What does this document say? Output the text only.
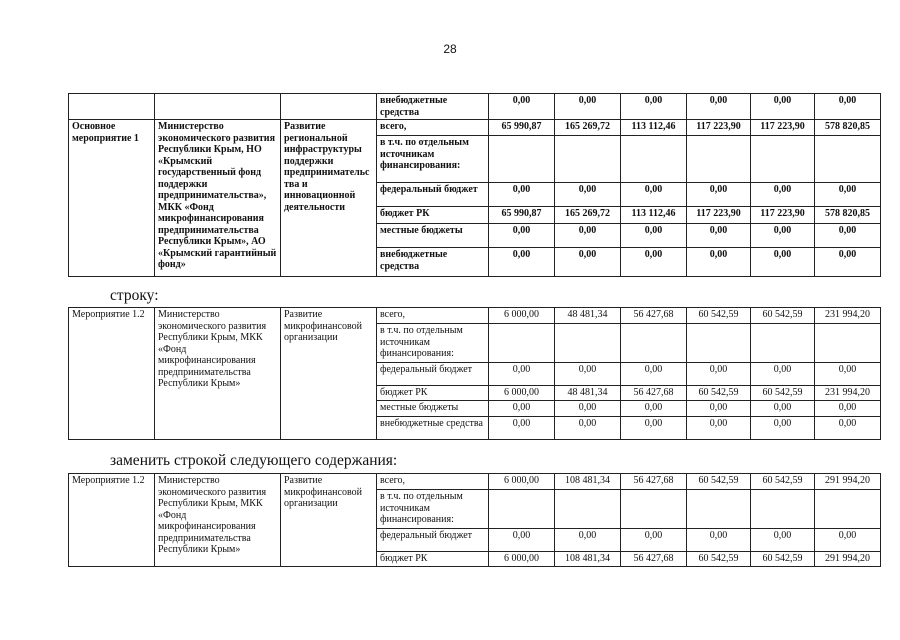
28
			внебюджетные средства	0,00	0,00	0,00	0,00	0,00	0,00
Основное мероприятие 1	Министерство экономического развития Республики Крым, НО «Крымский государственный фонд поддержки предпринимательства», МКК «Фонд микрофинансирования предпринимательства Республики Крым», АО «Крымский гарантийный фонд»	Развитие региональной инфраструктуры поддержки предпринимательства и инновационной деятельности	всего,	65 990,87	165 269,72	113 112,46	117 223,90	117 223,90	578 820,85
			в т.ч. по отдельным источникам финансирования:						
			федеральный бюджет	0,00	0,00	0,00	0,00	0,00	0,00
			бюджет РК	65 990,87	165 269,72	113 112,46	117 223,90	117 223,90	578 820,85
			местные бюджеты	0,00	0,00	0,00	0,00	0,00	0,00
			внебюджетные средства	0,00	0,00	0,00	0,00	0,00	0,00
строку:
Мероприятие 1.2	Министерство экономического развития Республики Крым, МКК «Фонд микрофинансирования предпринимательства Республики Крым»	Развитие микрофинансовой организации	всего,	6 000,00	48 481,34	56 427,68	60 542,59	60 542,59	231 994,20
			в т.ч. по отдельным источникам финансирования:						
			федеральный бюджет	0,00	0,00	0,00	0,00	0,00	0,00
			бюджет РК	6 000,00	48 481,34	56 427,68	60 542,59	60 542,59	231 994,20
			местные бюджеты	0,00	0,00	0,00	0,00	0,00	0,00
			внебюджетные средства	0,00	0,00	0,00	0,00	0,00	0,00
заменить строкой следующего содержания:
Мероприятие 1.2	Министерство экономического развития Республики Крым, МКК «Фонд микрофинансирования предпринимательства Республики Крым»	Развитие микрофинансовой организации	всего,	6 000,00	108 481,34	56 427,68	60 542,59	60 542,59	291 994,20
			в т.ч. по отдельным источникам финансирования:						
			федеральный бюджет	0,00	0,00	0,00	0,00	0,00	0,00
			бюджет РК	6 000,00	108 481,34	56 427,68	60 542,59	60 542,59	291 994,20
